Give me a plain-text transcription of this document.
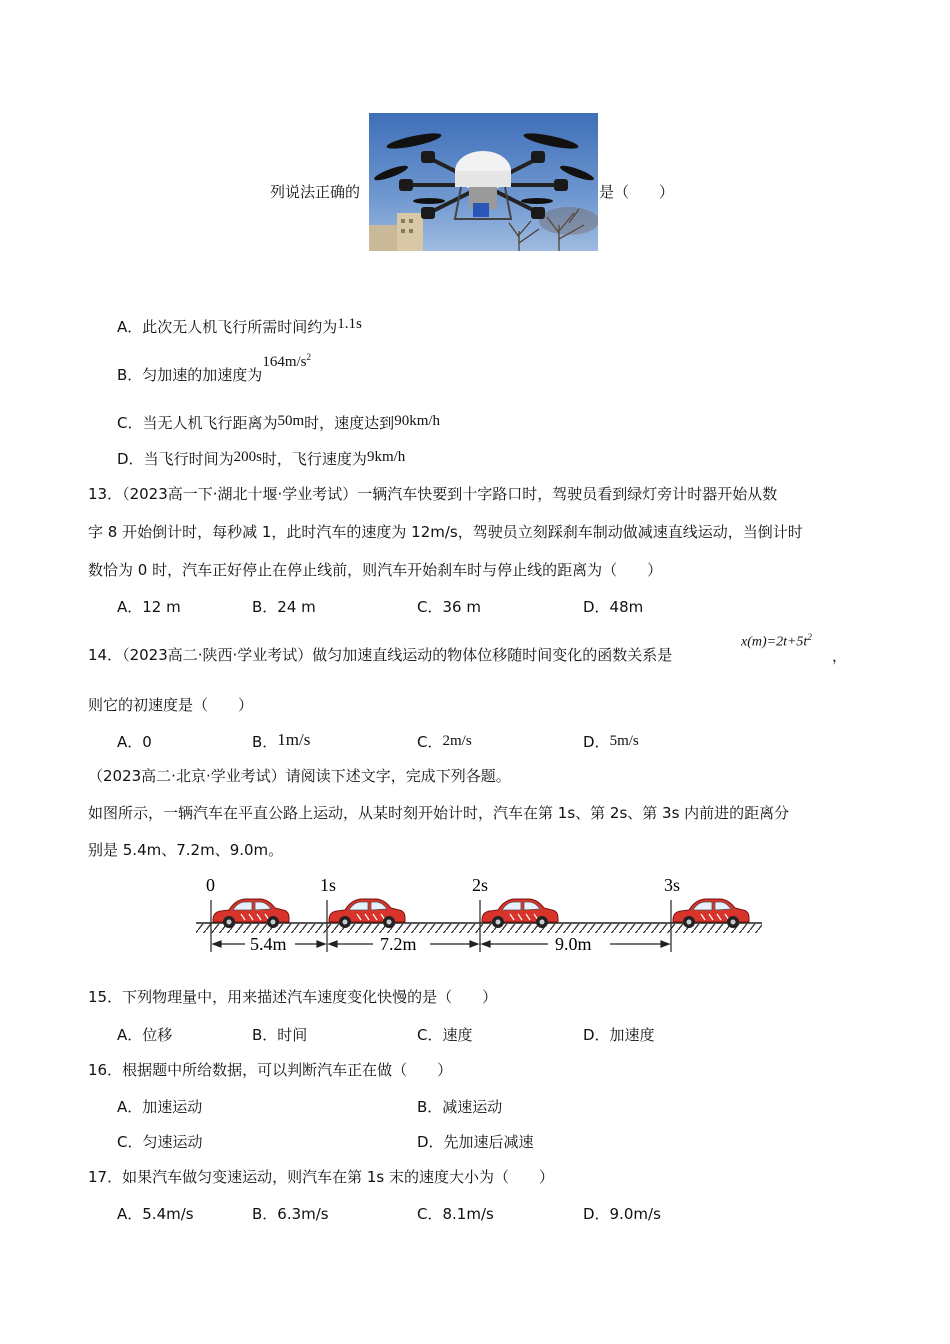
列说法正确的	是（　　）
A．此次无人机飞行所需时间约为1.1s
B．匀加速的加速度为$164m/s^2$
C．当无人机飞行距离为50m时，速度达到90km/h
D．当飞行时间为200s时，飞行速度为9km/h
13．（2023高一下·湖北十堰·学业考试）一辆汽车快要到十字路口时，驾驶员看到绿灯旁计时器开始从数
字 8 开始倒计时，每秒减 1，此时汽车的速度为 12m/s，驾驶员立刻踩刹车制动做减速直线运动，当倒计时
数恰为 0 时，汽车正好停止在停止线前，则汽车开始刹车时与停止线的距离为（　　）
A．12 m	B．24 m	C．36 m	D．48m
14．（2023高二·陕西·学业考试）做匀加速直线运动的物体位移随时间变化的函数关系是
$x(m)=2t+5t^2$
，
则它的初速度是（　　）
A．0	B．1m/s	C．2m/s	D．5m/s
（2023高二·北京·学业考试）请阅读下述文字，完成下列各题。
如图所示，一辆汽车在平直公路上运动，从某时刻开始计时，汽车在第 1s、第 2s、第 3s 内前进的距离分
别是 5.4m、7.2m、9.0m。
0	1s	2s	3s
5.4m	7.2m	9.0m
15．下列物理量中，用来描述汽车速度变化快慢的是（　　）
A．位移	B．时间	C．速度	D．加速度
16．根据题中所给数据，可以判断汽车正在做（　　）
A．加速运动	B．减速运动
C．匀速运动	D．先加速后减速
17．如果汽车做匀变速运动，则汽车在第 1s 末的速度大小为（　　）
A．5.4m/s	B．6.3m/s	C．8.1m/s	D．9.0m/s
